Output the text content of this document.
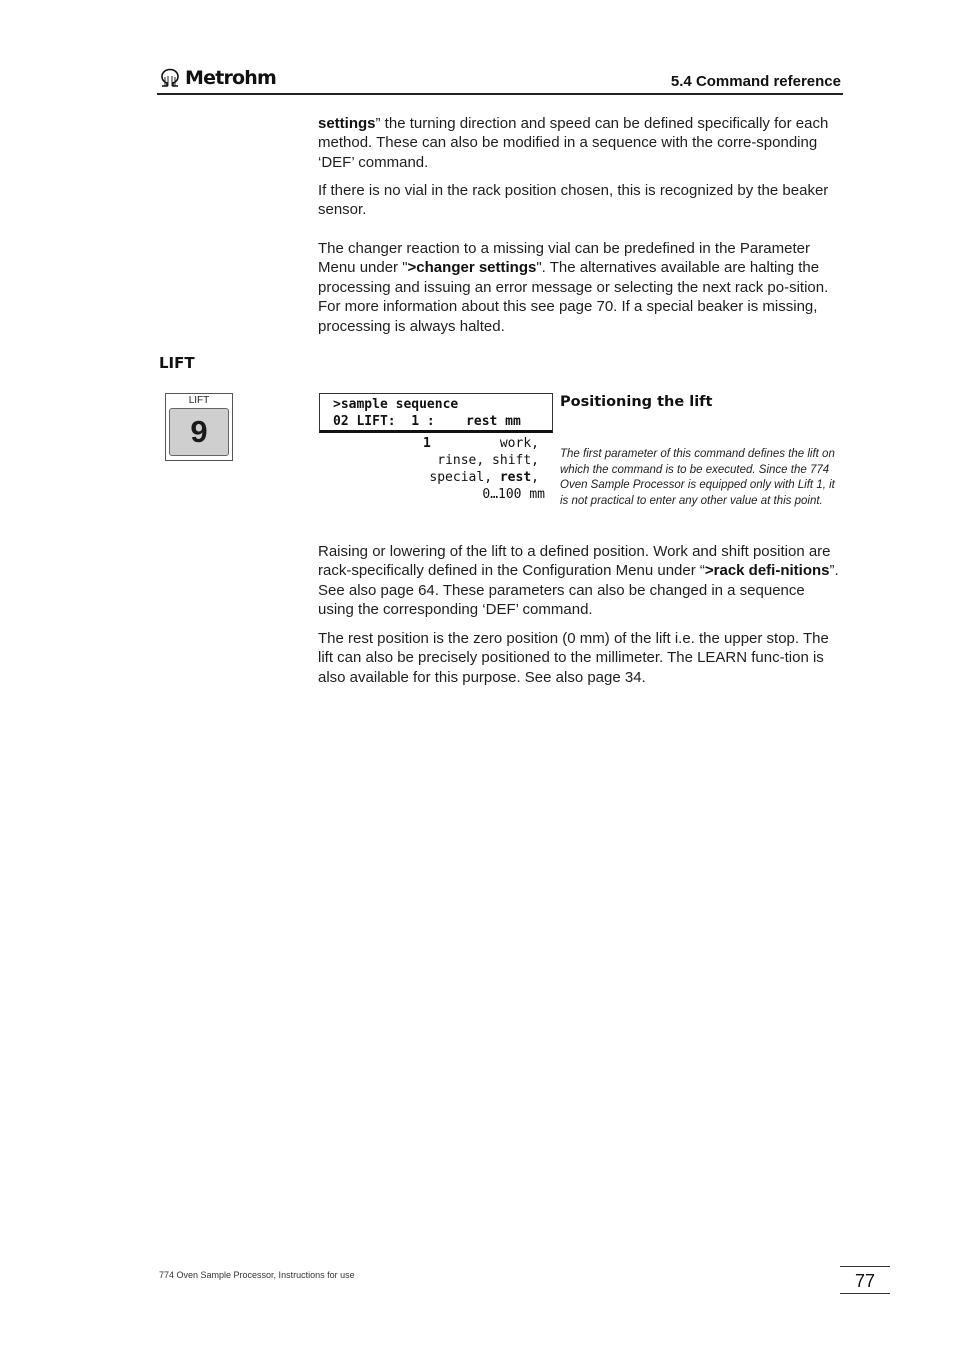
Metrohm	5.4 Command reference

settings” the turning direction and speed can be defined specifically for each method. These can also be modified in a sequence with the corre-sponding ‘DEF’ command.

If there is no vial in the rack position chosen, this is recognized by the beaker sensor.

The changer reaction to a missing vial can be predefined in the Parameter Menu under ">changer settings". The alternatives available are halting the processing and issuing an error message or selecting the next rack po-sition. For more information about this see page 70. If a special beaker is missing, processing is always halted.

LIFT
LIFT
9
>sample sequence
02 LIFT:  1 :    rest mm
1	work,
rinse, shift,
special, rest,
0…100 mm
Positioning the lift

The first parameter of this command defines the lift on which the command is to be executed. Since the 774 Oven Sample Processor is equipped only with Lift 1, it is not practical to enter any other value at this point.

Raising or lowering of the lift to a defined position. Work and shift position are rack-specifically defined in the Configuration Menu under “>rack defi-nitions”. See also page 64. These parameters can also be changed in a sequence using the corresponding ‘DEF’ command.

The rest position is the zero position (0 mm) of the lift i.e. the upper stop. The lift can also be precisely positioned to the millimeter. The LEARN func-tion is also available for this purpose. See also page 34.

774 Oven Sample Processor, Instructions for use	77
